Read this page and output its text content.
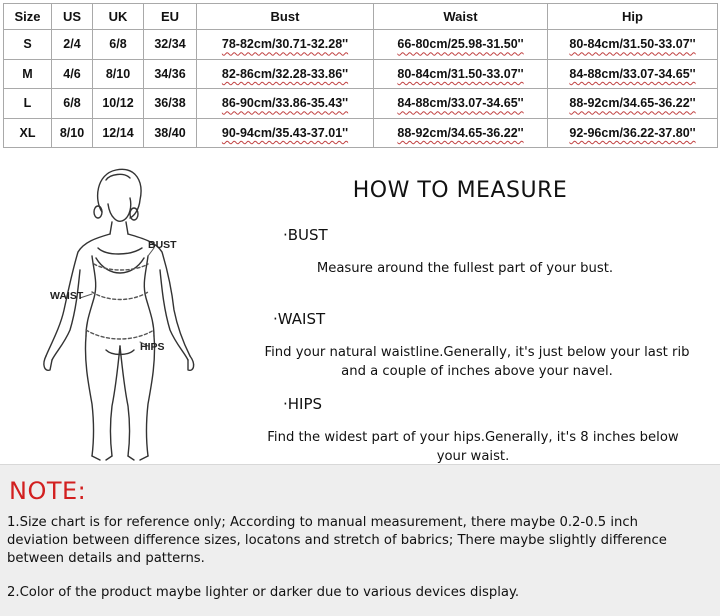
Size	US	UK	EU	Bust	Waist	Hip
S	2/4	6/8	32/34	78-82cm/30.71-32.28''	66-80cm/25.98-31.50''	80-84cm/31.50-33.07''
M	4/6	8/10	34/36	82-86cm/32.28-33.86''	80-84cm/31.50-33.07''	84-88cm/33.07-34.65''
L	6/8	10/12	36/38	86-90cm/33.86-35.43''	84-88cm/33.07-34.65''	88-92cm/34.65-36.22''
XL	8/10	12/14	38/40	90-94cm/35.43-37.01''	88-92cm/34.65-36.22''	92-96cm/36.22-37.80''
BUST
WAIST
HIPS
HOW TO MEASURE
·BUST
Measure around the fullest part of your bust.
·WAIST
Find your natural waistline.Generally, it's just below your last rib
and a couple of inches above your navel.
·HIPS
Find the widest part of your hips.Generally, it's 8 inches below
your waist.
NOTE:
1.Size chart is for reference only; According to manual measurement, there maybe 0.2-0.5 inch
deviation between difference sizes, locatons and stretch of babrics; There maybe slightly difference
between details and patterns.
2.Color of the product maybe lighter or darker due to various devices display.
